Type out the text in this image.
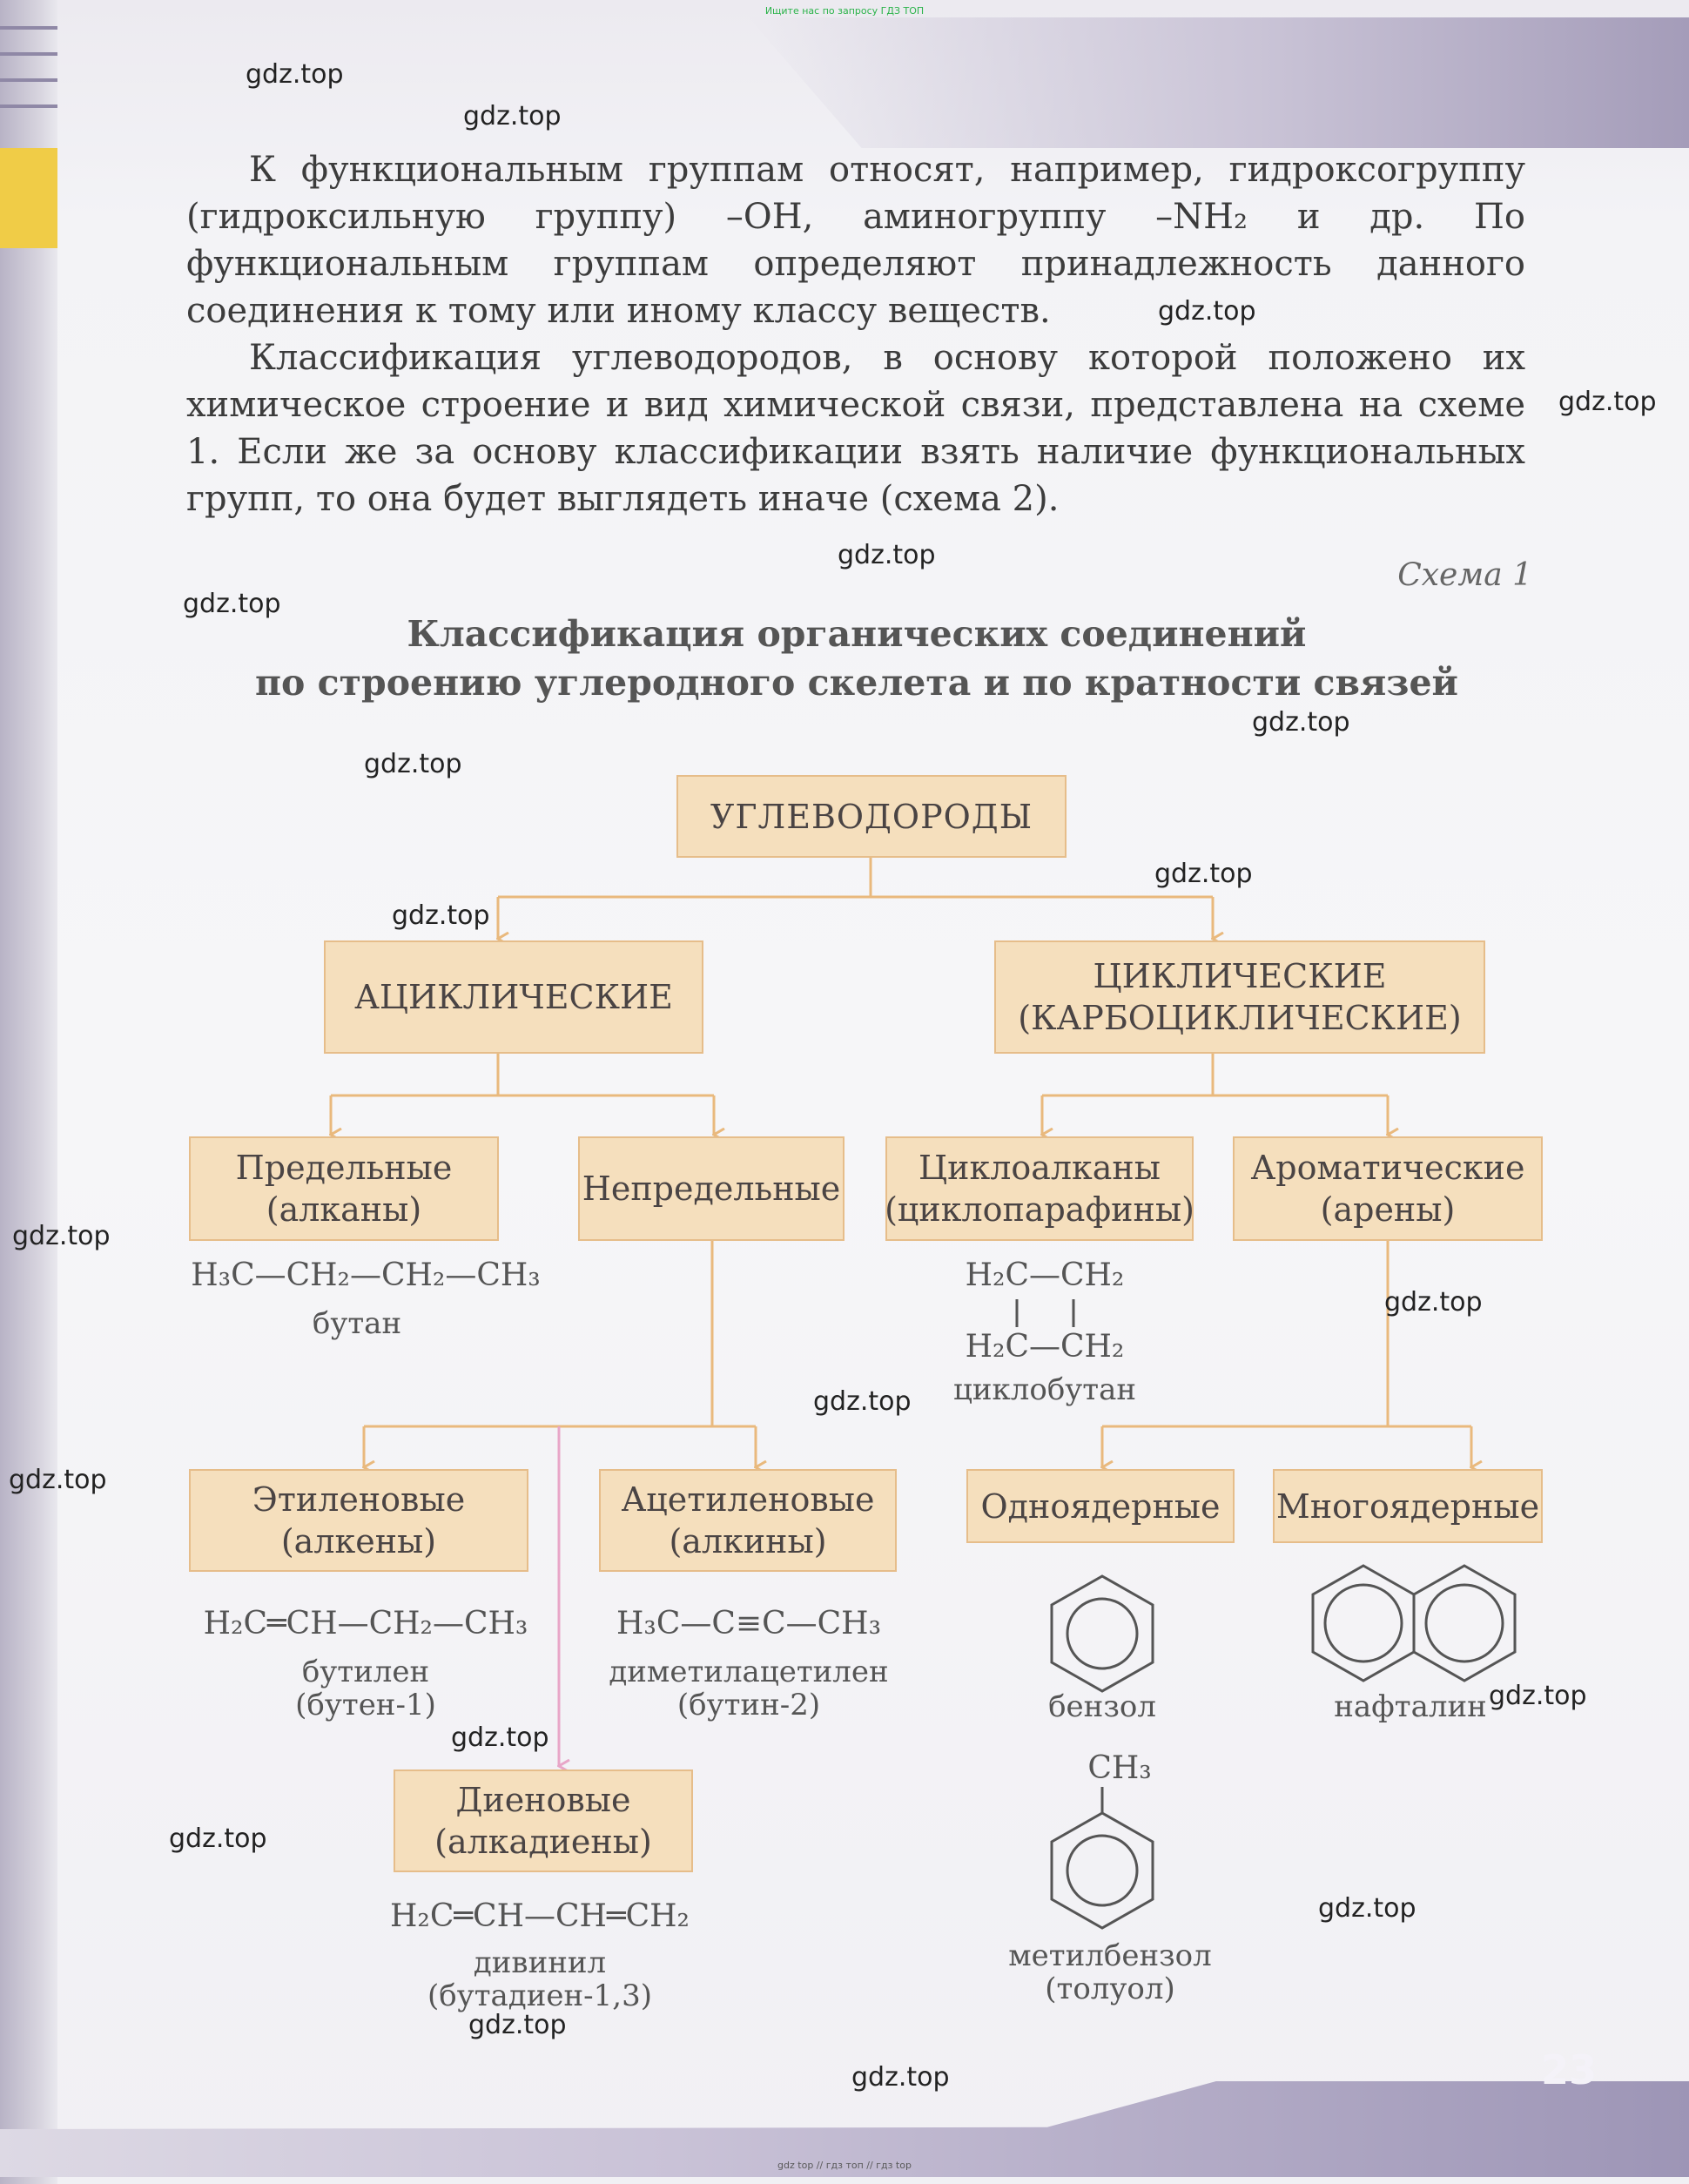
23
Ищите нас по запросу ГДЗ ТОП
gdz top // гдз топ // гдз top

К функциональным группам относят, например, гидроксогруппу (гидроксильную группу) –OH, аминогруппу –NH₂ и др. По функциональным группам определяют принадлежность данного соединения к тому или иному классу веществ.

Классификация углеводородов, в основу которой положено их химическое строение и вид химической связи, представлена на схеме 1. Если же за основу классификации взять наличие функциональных групп, то она будет выглядеть иначе (схема 2).

Схема 1
Классификация органических соединений
по строению углеродного скелета и по кратности связей
УГЛЕВОДОРОДЫ
АЦИКЛИЧЕСКИЕ
ЦИКЛИЧЕСКИЕ
(КАРБОЦИКЛИЧЕСКИЕ)
Предельные
(алканы)
Непредельные
Циклоалканы
(циклопарафины)
Ароматические
(арены)
Этиленовые
(алкены)
Ацетиленовые
(алкины)
Одноядерные Многоядерные
Диеновые
(алкадиены)
H₃C—CH₂—CH₂—CH₃
бутан
H₂C—CH₂
H₂C—CH₂
циклобутан
H₂C═CH—CH₂—CH₃
бутилен
(бутен-1)
H₃C—C≡C—CH₃
диметилацетилен
(бутин-2)	бензол	нафталин
CH₃
метилбензол
(толуол)
H₂C═CH—CH═CH₂
дивинил
(бутадиен-1,3)
gdz.top
gdz.top
gdz.top
gdz.top
gdz.top
gdz.top
gdz.top
gdz.top
gdz.top
gdz.top
gdz.top
gdz.top
gdz.top
gdz.top
gdz.top
gdz.top
gdz.top
gdz.top
gdz.top
gdz.top
